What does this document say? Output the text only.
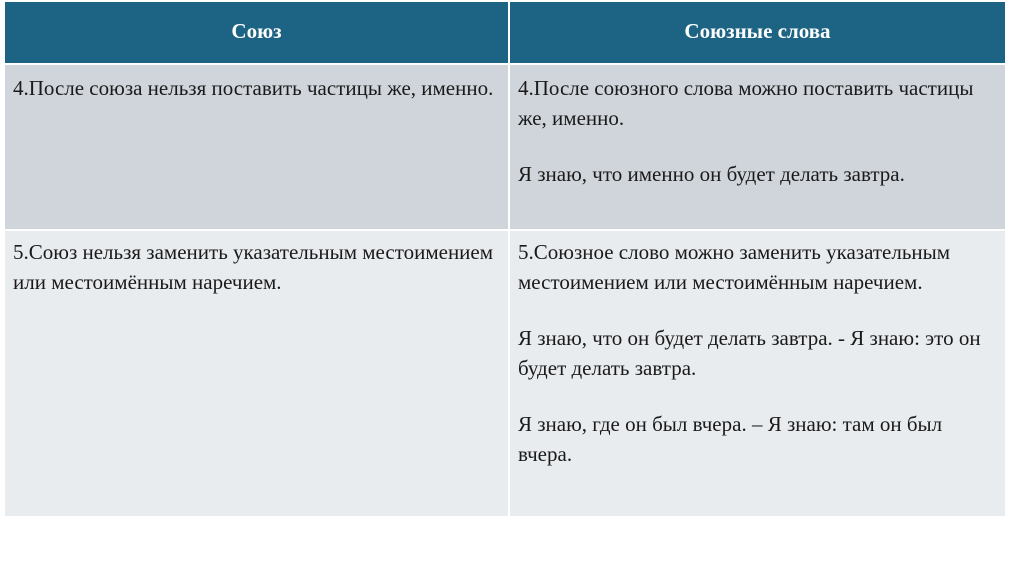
Союз	Союзные слова

4.После союза нельзя поставить частицы же, именно.	4.После союзного слова можно поставить частицы же, именно.

Я знаю, что именно он будет делать завтра.

5.Союз нельзя заменить указательным местоимением или местоимённым наречием.

5.Союзное слово можно заменить указательным местоимением или местоимённым наречием.

Я знаю, что он будет делать завтра. - Я знаю: это он будет делать завтра.

Я знаю, где он был вчера. – Я знаю: там он был вчера.
